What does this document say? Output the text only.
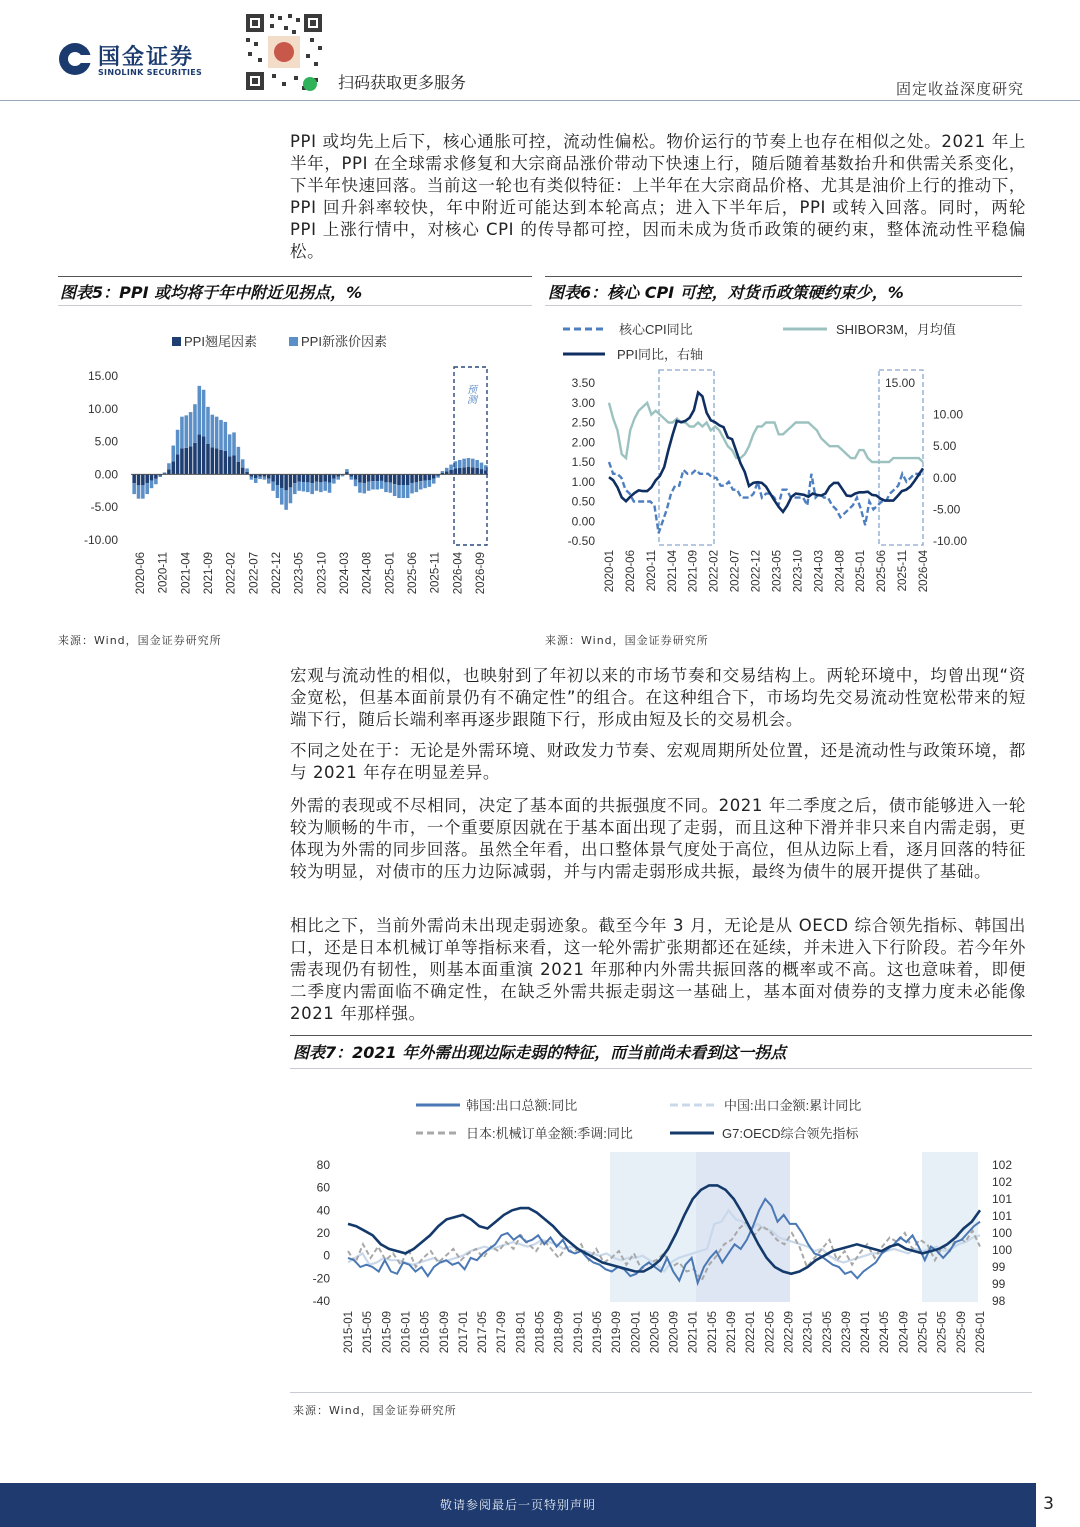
国金证券
SINOLINK SECURITIES
扫码获取更多服务	固定收益深度研究
PPI 或均先上后下，核心通胀可控，流动性偏松。物价运行的节奏上也存在相似之处。2021 年上半年，PPI 在全球需求修复和大宗商品涨价带动下快速上行，随后随着基数抬升和供需关系变化，下半年快速回落。当前这一轮也有类似特征：上半年在大宗商品价格、尤其是油价上行的推动下，PPI 回升斜率较快，年中附近可能达到本轮高点；进入下半年后，PPI 或转入回落。同时，两轮 PPI 上涨行情中，对核心 CPI 的传导都可控，因而未成为货币政策的硬约束，整体流动性平稳偏松。
图表5：PPI 或均将于年中附近见拐点，%	图表6：核心 CPI 可控，对货币政策硬约束少，%
PPI翘尾因素	PPI新涨价因素
15.00
10.00
5.00
0.00
-5.00
-10.00
2020-06 2020-11 2021-04 2021-09 2022-02 2022-07 2022-12 2023-05 2023-10 2024-03 2024-08 2025-01 2025-06 2025-11 2026-04 2026-09
预测
核心CPI同比	SHIBOR3M，月均值
PPI同比，右轴
3.50
3.00
2.50
2.00
1.50
1.00
0.50
0.00
-0.50
15.00
10.00
5.00
0.00
-5.00
-10.00
2020-01 2020-06 2020-11 2021-04 2021-09 2022-02 2022-07 2022-12 2023-05 2023-10 2024-03 2024-08 2025-01 2025-06 2025-11 2026-04
来源：Wind，国金证券研究所	来源：Wind，国金证券研究所
宏观与流动性的相似，也映射到了年初以来的市场节奏和交易结构上。两轮环境中，均曾出现“资金宽松，但基本面前景仍有不确定性”的组合。在这种组合下，市场均先交易流动性宽松带来的短端下行，随后长端利率再逐步跟随下行，形成由短及长的交易机会。
不同之处在于：无论是外需环境、财政发力节奏、宏观周期所处位置，还是流动性与政策环境，都与 2021 年存在明显差异。
外需的表现或不尽相同，决定了基本面的共振强度不同。2021 年二季度之后，债市能够进入一轮较为顺畅的牛市，一个重要原因就在于基本面出现了走弱，而且这种下滑并非只来自内需走弱，更体现为外需的同步回落。虽然全年看，出口整体景气度处于高位，但从边际上看，逐月回落的特征较为明显，对债市的压力边际减弱，并与内需走弱形成共振，最终为债牛的展开提供了基础。
相比之下，当前外需尚未出现走弱迹象。截至今年 3 月，无论是从 OECD 综合领先指标、韩国出口，还是日本机械订单等指标来看，这一轮外需扩张期都还在延续，并未进入下行阶段。若今年外需表现仍有韧性，则基本面重演 2021 年那种内外需共振回落的概率或不高。这也意味着，即便二季度内需面临不确定性，在缺乏外需共振走弱这一基础上，基本面对债券的支撑力度未必能像 2021 年那样强。
图表7：2021 年外需出现边际走弱的特征，而当前尚未看到这一拐点
韩国:出口总额:同比	中国:出口金额:累计同比
日本:机械订单金额:季调:同比	G7:OECD综合领先指标
80
60
40
20
0
-20
-40
102
102
101
101
100
100
99
99
98
2015-01 2015-05 2015-09 2016-01 2016-05 2016-09 2017-01 2017-05 2017-09 2018-01 2018-05 2018-09 2019-01 2019-05 2019-09 2020-01 2020-05 2020-09 2021-01 2021-05 2021-09 2022-01 2022-05 2022-09 2023-01 2023-05 2023-09 2024-01 2024-05 2024-09 2025-01 2025-05 2025-09 2026-01
来源：Wind，国金证券研究所
敬请参阅最后一页特别声明	3
